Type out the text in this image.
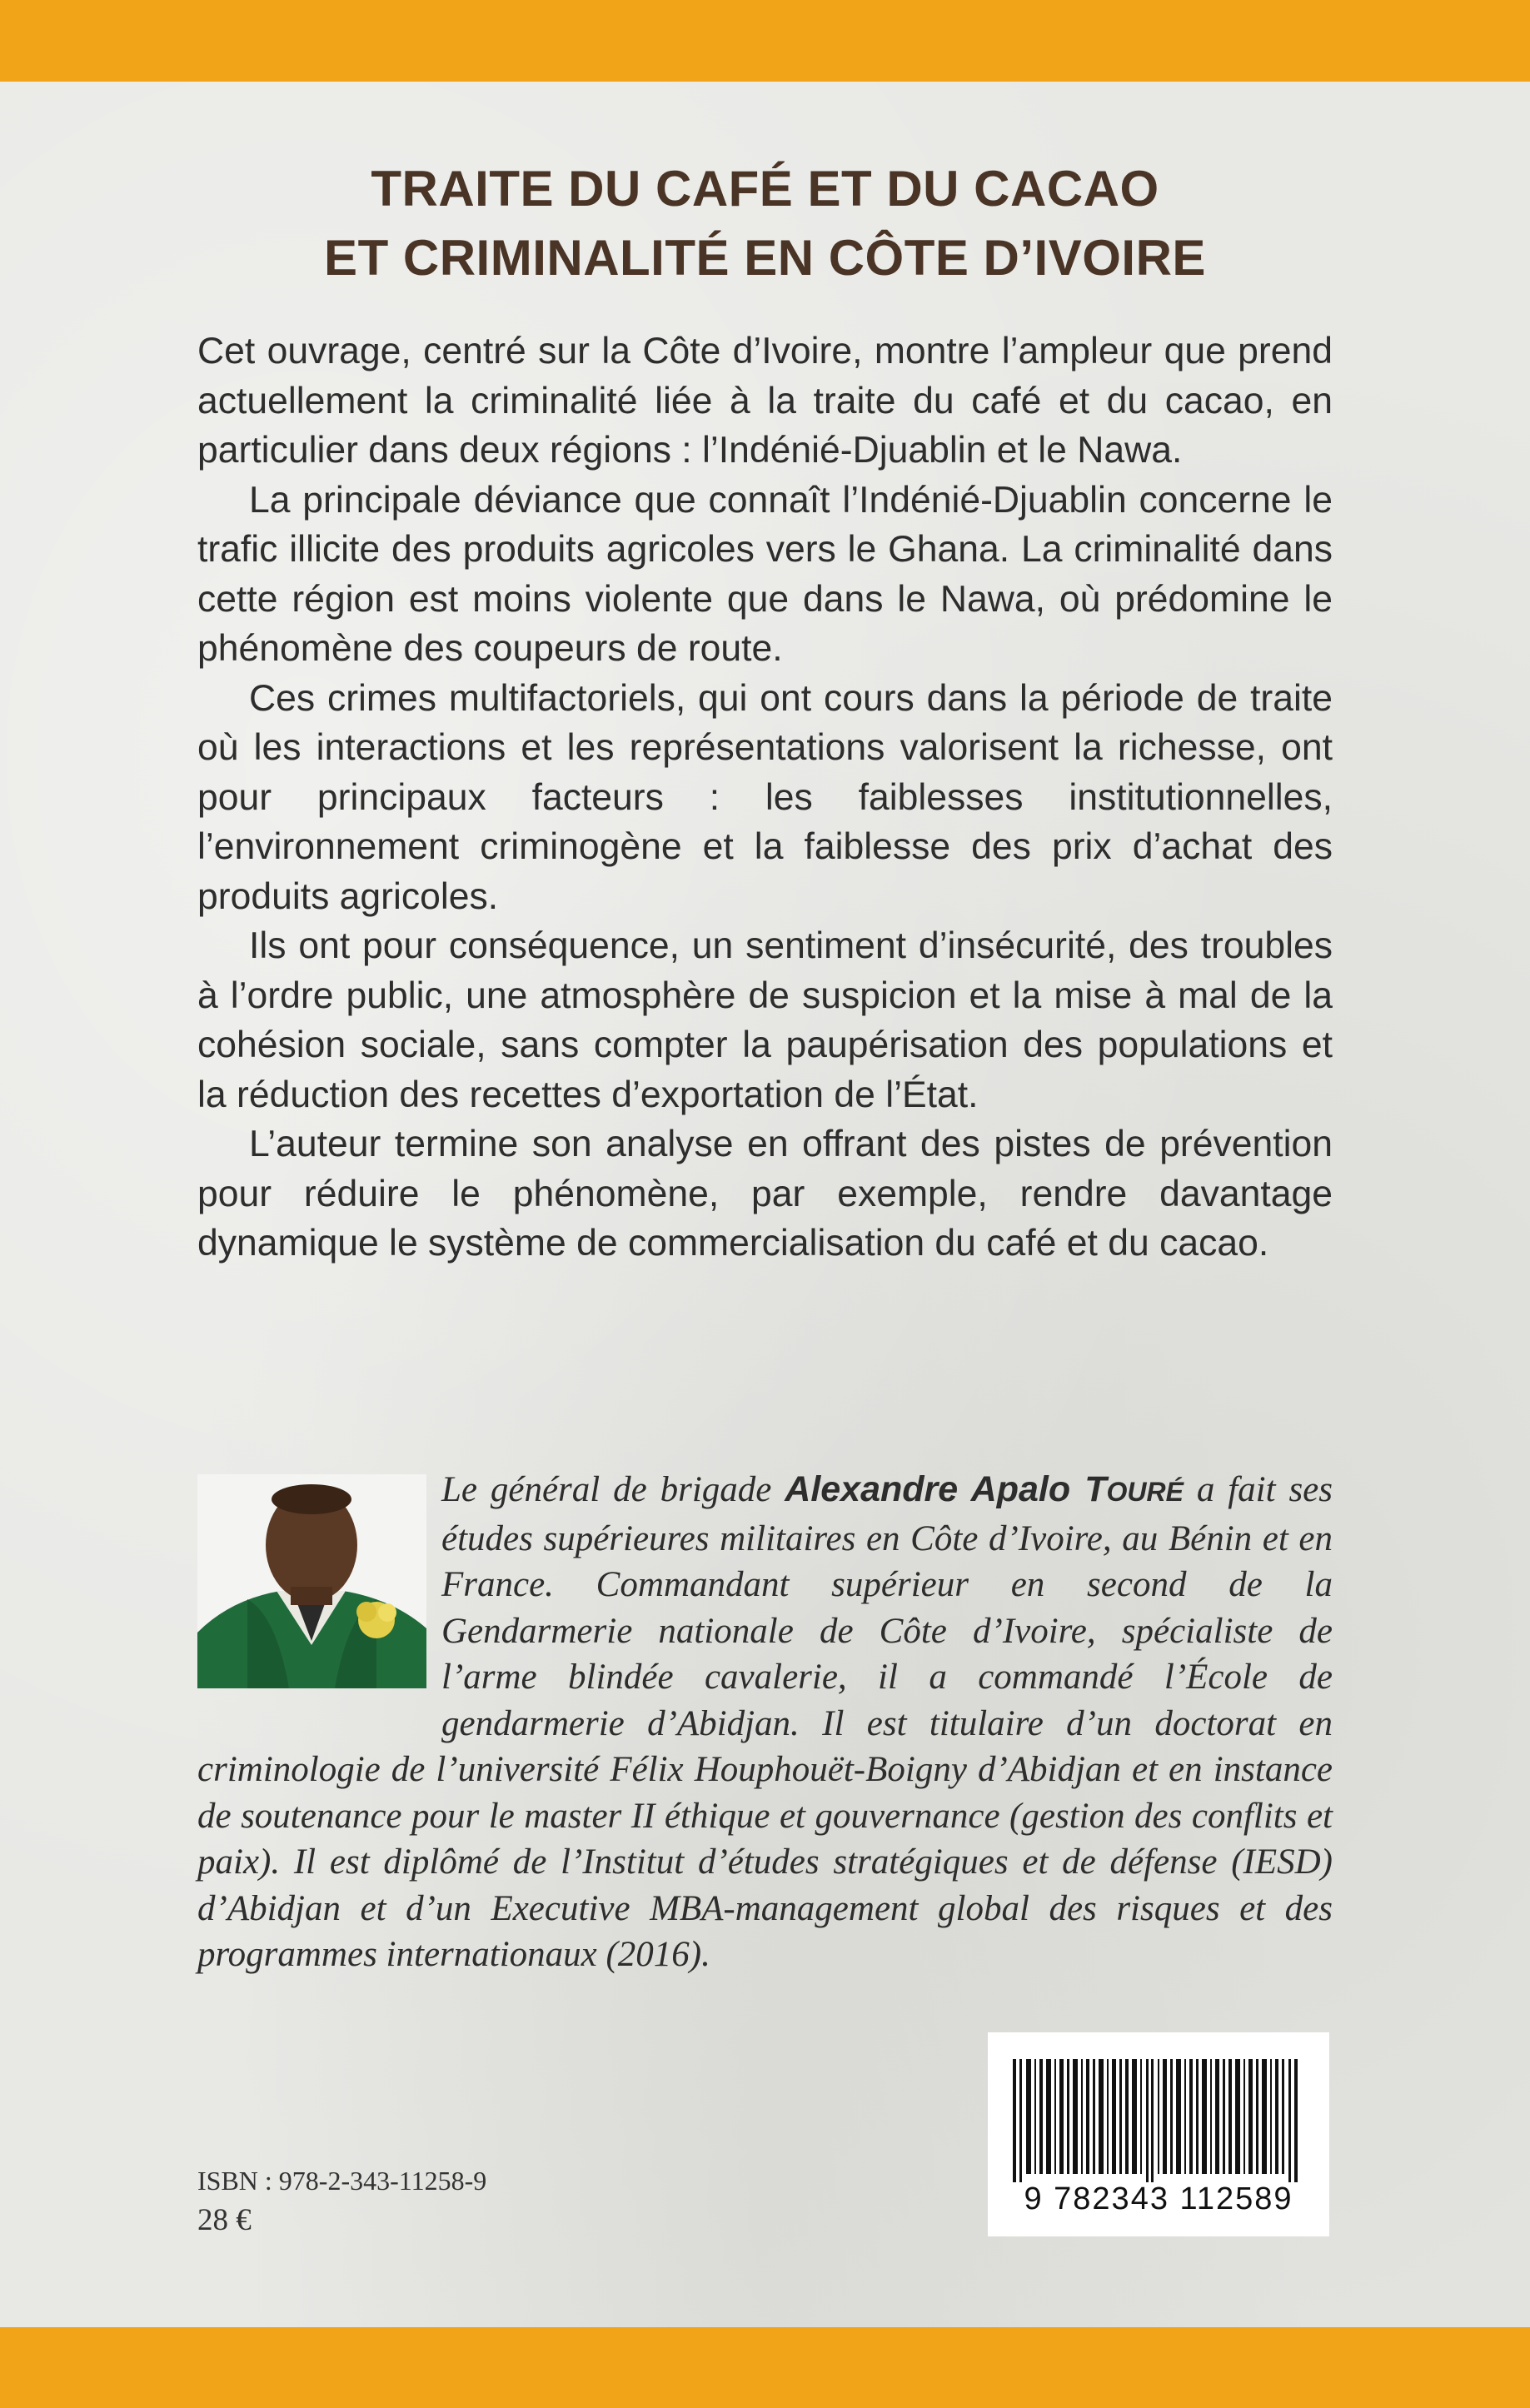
TRAITE DU CAFÉ ET DU CACAO
ET CRIMINALITÉ EN CÔTE D’IVOIRE

Cet ouvrage, centré sur la Côte d’Ivoire, montre l’ampleur que prend actuellement la criminalité liée à la traite du café et du cacao, en particulier dans deux régions : l’Indénié-Djuablin et le Nawa.

La principale déviance que connaît l’Indénié-Djuablin concerne le trafic illicite des produits agricoles vers le Ghana. La criminalité dans cette région est moins violente que dans le Nawa, où prédomine le phénomène des coupeurs de route.

Ces crimes multifactoriels, qui ont cours dans la période de traite où les interactions et les représentations valorisent la richesse, ont pour principaux facteurs : les faiblesses institutionnelles, l’environnement criminogène et la faiblesse des prix d’achat des produits agricoles.

Ils ont pour conséquence, un sentiment d’insécurité, des troubles à l’ordre public, une atmosphère de suspicion et la mise à mal de la cohésion sociale, sans compter la paupérisation des populations et la réduction des recettes d’exportation de l’État.

L’auteur termine son analyse en offrant des pistes de prévention pour réduire le phénomène, par exemple, rendre davantage dynamique le système de commercialisation du café et du cacao.

Le général de brigade Alexandre Apalo TOURÉ a fait ses études supérieures militaires en Côte d’Ivoire, au Bénin et en France. Commandant supérieur en second de la Gendarmerie nationale de Côte d’Ivoire, spécialiste de l’arme blindée cavalerie, il a commandé l’École de gendarmerie d’Abidjan. Il est titulaire d’un doctorat en criminologie de l’université Félix Houphouët-Boigny d’Abidjan et en instance de soutenance pour le master II éthique et gouvernance (gestion des conflits et paix). Il est diplômé de l’Institut d’études stratégiques et de défense (IESD) d’Abidjan et d’un Executive MBA-management global des risques et des programmes internationaux (2016).
ISBN : 978-2-343-11258-9
28 €
9 782343 112589
